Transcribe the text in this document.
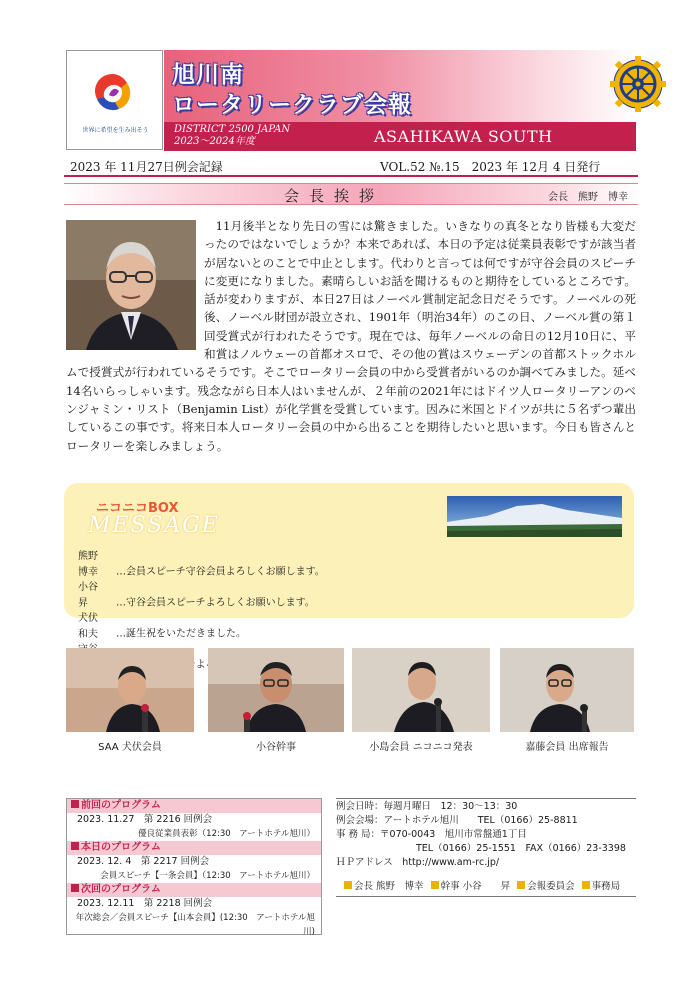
世界に希望を生み出そう
旭川南
ロータリークラブ会報
DISTRICT 2500 JAPAN
2023～2024年度	ASAHIKAWA SOUTH
2023 年 11月27日例会記録	VOL.52 №.15　2023 年 12月 4 日発行
会長挨拶	会長　熊野　博幸

11月後半となり先日の雪には驚きました。いきなりの真冬となり皆様も大変だったのではないでしょうか？本来であれば、本日の予定は従業員表彰ですが該当者が居ないとのことで中止とします。代わりと言っては何ですが守谷会員のスピーチに変更になりました。素晴らしいお話を聞けるものと期待をしているところです。話が変わりますが、本日27日はノーベル賞制定記念日だそうです。ノーベルの死後、ノーベル財団が設立され、1901年（明治34年）のこの日、ノーベル賞の第１回受賞式が行われたそうです。現在では、毎年ノーベルの命日の12月10日に、平和賞はノルウェーの首都オスロで、その他の賞はスウェーデンの首都ストックホルムで授賞式が行われているそうです。そこでロータリー会員の中から受賞者がいるのか調べてみました。延べ14名いらっしゃいます。残念ながら日本人はいませんが、２年前の2021年にはドイツ人ロータリーアンのベンジャミン・リスト（Benjamin List）が化学賞を受賞しています。因みに米国とドイツが共に５名ずつ輩出しているこの事です。将来日本人ロータリー会員の中から出ることを期待したいと思います。今日も皆さんとロータリーを楽しみましょう。

MESSAGE
ニコニコBOX
熊野　博幸 …会員スピーチ守谷会員よろしくお願します。
小谷　　昇	…守谷会員スピーチよろしくお願いします。
犬伏　和夫 …誕生祝をいただきました。
SAA 犬伏会員	小谷幹事	小島会員 ニコニコ発表	嘉藤会員 出席報告
前回のプログラム
2023. 11.27　第 2216 回例会
優良従業員表彰（12:30　アートホテル旭川）
本日のプログラム
2023. 12. 4　第 2217 回例会
会員スピーチ【一条会員】（12:30　アートホテル旭川）
次回のプログラム
2023. 12.11　第 2218 回例会
年次総会／会員スピーチ【山本会員】(12:30　アートホテル旭川)
例会日時：毎週月曜日　12：30～13：30
例会会場：アートホテル旭川　　TEL（0166）25-8811
事 務 局：〒070-0043　旭川市常盤通1丁目
TEL（0166）25-1551　FAX（0166）23-3398
ＨＰアドレス　http://www.am-rc.jp/
会長 熊野　博幸 幹事 小谷　　昇 会報委員会 事務局
